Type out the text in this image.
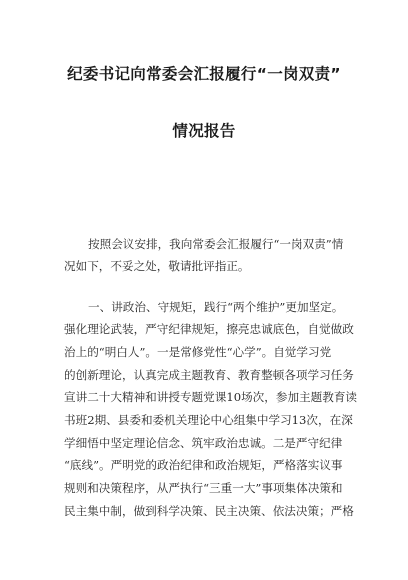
纪委书记向常委会汇报履行“一岗双责”
情况报告
按照会议安排，我向常委会汇报履行“一岗双责”情
况如下，不妥之处，敬请批评指正。
一、讲政治、守规矩，践行“两个维护”更加坚定。
强化理论武装，严守纪律规矩，擦亮忠诚底色，自觉做政
治上的“明白人”。一是常修党性“心学”。自觉学习党
的创新理论，认真完成主题教育、教育整顿各项学习任务
宣讲二十大精神和讲授专题党课10场次，参加主题教育读
书班2期、县委和委机关理论中心组集中学习13次，在深
学细悟中坚定理论信念、筑牢政治忠诚。二是严守纪律
“底线”。严明党的政治纪律和政治规矩，严格落实议事
规则和决策程序，从严执行“三重一大”事项集体决策和
民主集中制，做到科学决策、民主决策、依法决策；严格
